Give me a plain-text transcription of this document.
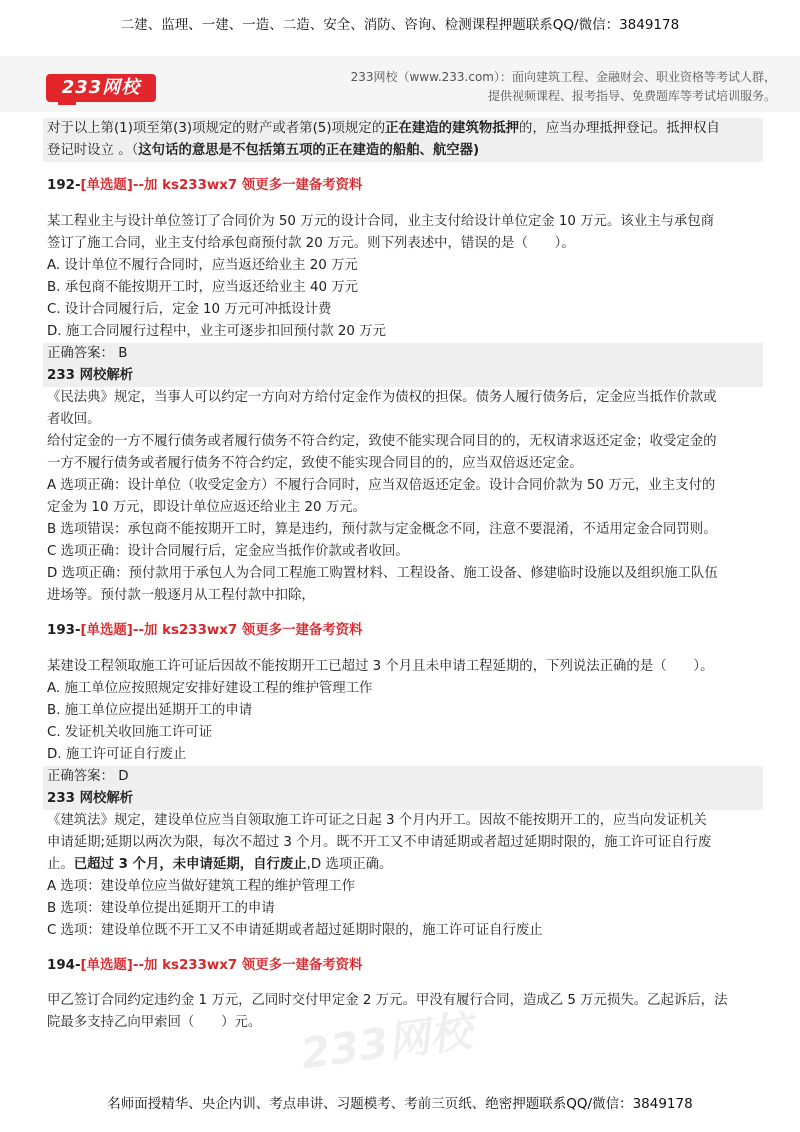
二建、监理、一建、一造、二造、安全、消防、咨询、检测课程押题联系QQ/微信：3849178
233网校	233网校（www.233.com）：面向建筑工程、金融财会、职业资格等考试人群，
提供视频课程、报考指导、免费题库等考试培训服务。

对于以上第(1)项至第(3)项规定的财产或者第(5)项规定的正在建造的建筑物抵押的，应当办理抵押登记。抵押权自

登记时设立 。（这句话的意思是不包括第五项的正在建造的船舶、航空器)

192-[单选题]--加 ks233wx7 领更多一建备考资料

某工程业主与设计单位签订了合同价为 50 万元的设计合同，业主支付给设计单位定金 10 万元。该业主与承包商

签订了施工合同，业主支付给承包商预付款 20 万元。则下列表述中，错误的是（　　）。

A. 设计单位不履行合同时，应当返还给业主 20 万元

B. 承包商不能按期开工时，应当返还给业主 40 万元

C. 设计合同履行后，定金 10 万元可冲抵设计费

D. 施工合同履行过程中，业主可逐步扣回预付款 20 万元

正确答案： B

233 网校解析

《民法典》规定，当事人可以约定一方向对方给付定金作为债权的担保。债务人履行债务后，定金应当抵作价款或

者收回。

给付定金的一方不履行债务或者履行债务不符合约定，致使不能实现合同目的的，无权请求返还定金；收受定金的

一方不履行债务或者履行债务不符合约定，致使不能实现合同目的的，应当双倍返还定金。

A 选项正确：设计单位（收受定金方）不履行合同时，应当双倍返还定金。设计合同价款为 50 万元，业主支付的

定金为 10 万元，即设计单位应返还给业主 20 万元。

B 选项错误：承包商不能按期开工时，算是违约，预付款与定金概念不同，注意不要混淆，不适用定金合同罚则。

C 选项正确：设计合同履行后，定金应当抵作价款或者收回。

D 选项正确：预付款用于承包人为合同工程施工购置材料、工程设备、施工设备、修建临时设施以及组织施工队伍

进场等。预付款一般逐月从工程付款中扣除，

193-[单选题]--加 ks233wx7 领更多一建备考资料

某建设工程领取施工许可证后因故不能按期开工已超过 3 个月且未申请工程延期的，下列说法正确的是（　　）。

A. 施工单位应按照规定安排好建设工程的维护管理工作

B. 施工单位应提出延期开工的申请

C. 发证机关收回施工许可证

D. 施工许可证自行废止

正确答案： D

233 网校解析

《建筑法》规定，建设单位应当自领取施工许可证之日起 3 个月内开工。因故不能按期开工的，应当向发证机关

申请延期;延期以两次为限，每次不超过 3 个月。既不开工又不申请延期或者超过延期时限的，施工许可证自行废

止。已超过 3 个月，未申请延期，自行废止,D 选项正确。

A 选项：建设单位应当做好建筑工程的维护管理工作

B 选项：建设单位提出延期开工的申请

C 选项：建设单位既不开工又不申请延期或者超过延期时限的，施工许可证自行废止

194-[单选题]--加 ks233wx7 领更多一建备考资料

甲乙签订合同约定违约金 1 万元，乙同时交付甲定金 2 万元。甲没有履行合同，造成乙 5 万元损失。乙起诉后，法

院最多支持乙向甲索回（　　）元。 233网校
名师面授精华、央企内训、考点串讲、习题模考、考前三页纸、绝密押题联系QQ/微信：3849178
